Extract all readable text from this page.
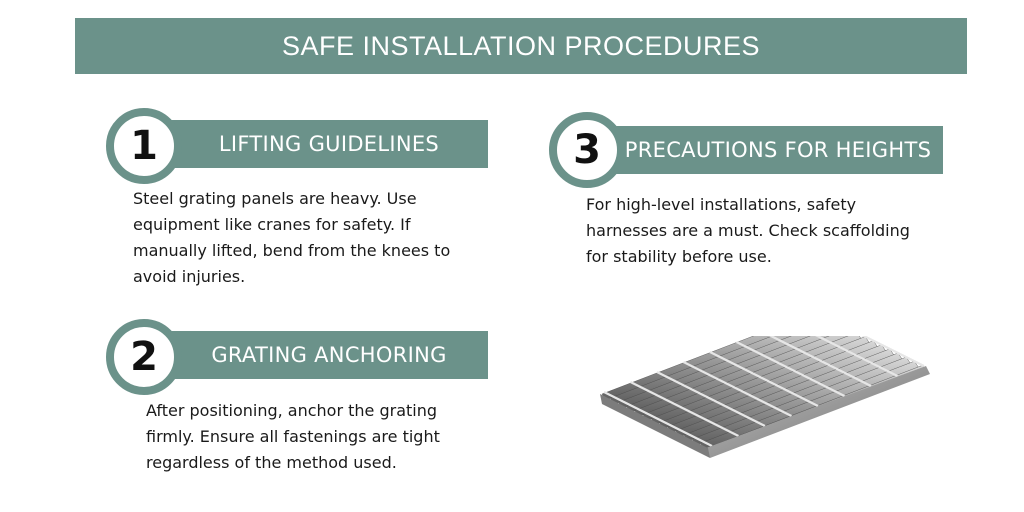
SAFE INSTALLATION PROCEDURES
LIFTING GUIDELINES
1
Steel grating panels are heavy. Use
equipment like cranes for safety. If
manually lifted, bend from the knees to
avoid injuries.
GRATING ANCHORING
2
After positioning, anchor the grating
firmly. Ensure all fastenings are tight
regardless of the method used.
PRECAUTIONS FOR HEIGHTS
3
For high-level installations, safety
harnesses are a must. Check scaffolding
for stability before use.
